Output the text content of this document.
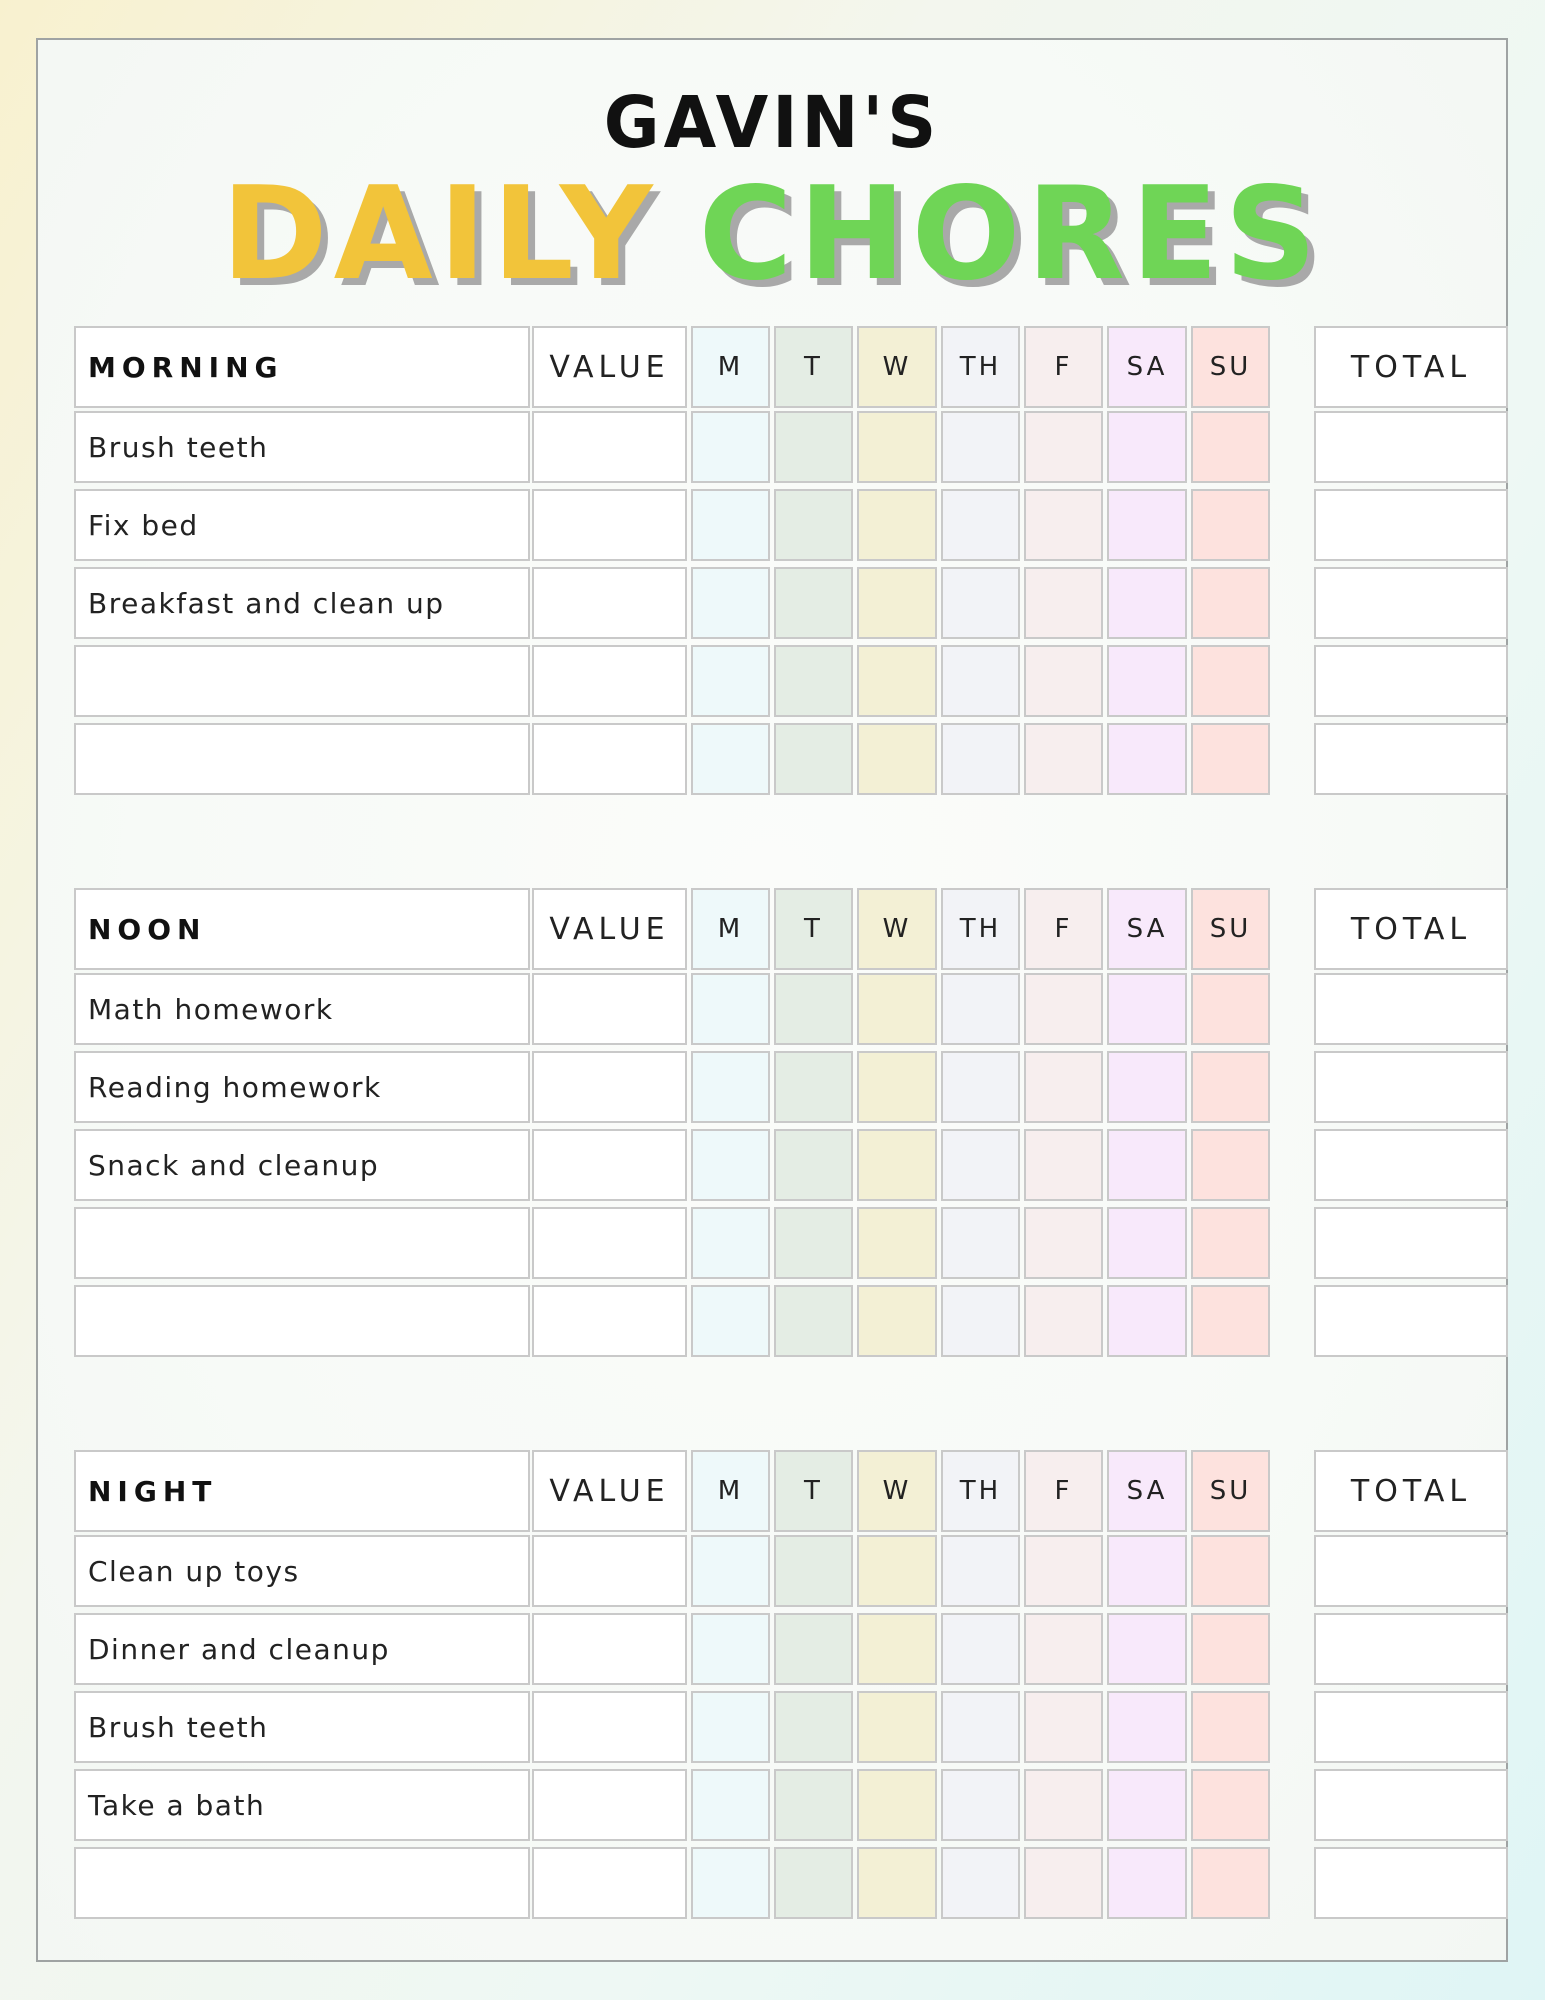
GAVIN'S
DAILY CHORES
MORNING	VALUE	M	T	W	TH	F	SA	SU	TOTAL
Brush teeth
Fix bed
Breakfast and clean up
NOON	VALUE	M	T	W	TH	F	SA	SU	TOTAL
Math homework
Reading homework
Snack and cleanup
NIGHT	VALUE	M	T	W	TH	F	SA	SU	TOTAL
Clean up toys
Dinner and cleanup
Brush teeth
Take a bath
